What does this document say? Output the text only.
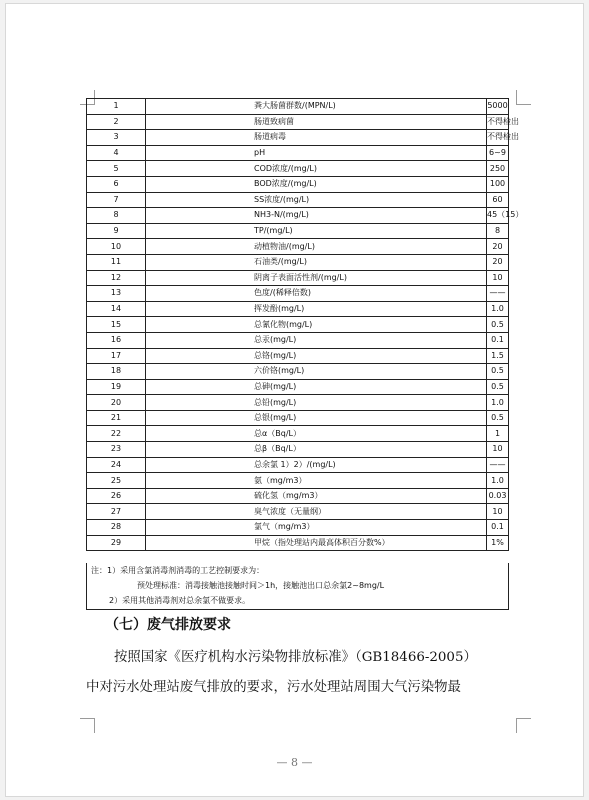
1	粪大肠菌群数/(MPN/L)	5000
2	肠道致病菌	不得检出
3	肠道病毒	不得检出
4	pH	6~9
5	COD浓度/(mg/L)	250
6	BOD浓度/(mg/L)	100
7	SS浓度/(mg/L)	60
8	NH3-N/(mg/L)	45（15）
9	TP/(mg/L)	8
10	动植物油/(mg/L)	20
11	石油类/(mg/L)	20
12	阴离子表面活性剂/(mg/L)	10
13	色度/(稀释倍数)	——
14	挥发酚(mg/L)	1.0
15	总氰化物(mg/L)	0.5
16	总汞(mg/L)	0.1
17	总铬(mg/L)	1.5
18	六价铬(mg/L)	0.5
19	总砷(mg/L)	0.5
20	总铅(mg/L)	1.0
21	总银(mg/L)	0.5
22	总α（Bq/L）	1
23	总β（Bq/L）	10
24	总余氯 1）2）/(mg/L)	——
25	氨（mg/m3）	1.0
26	硫化氢（mg/m3）	0.03
27	臭气浓度（无量纲）	10
28	氯气（mg/m3）	0.1
29	甲烷（指处理站内最高体积百分数%）	1%
注：1）采用含氯消毒剂消毒的工艺控制要求为：
预处理标准：消毒接触池接触时间＞1h，接触池出口总余氯2~8mg/L
2）采用其他消毒剂对总余氯不做要求。
（七）废气排放要求
按照国家《医疗机构水污染物排放标准》（GB18466-2005）
中对污水处理站废气排放的要求，污水处理站周围大气污染物最
— 8 —
